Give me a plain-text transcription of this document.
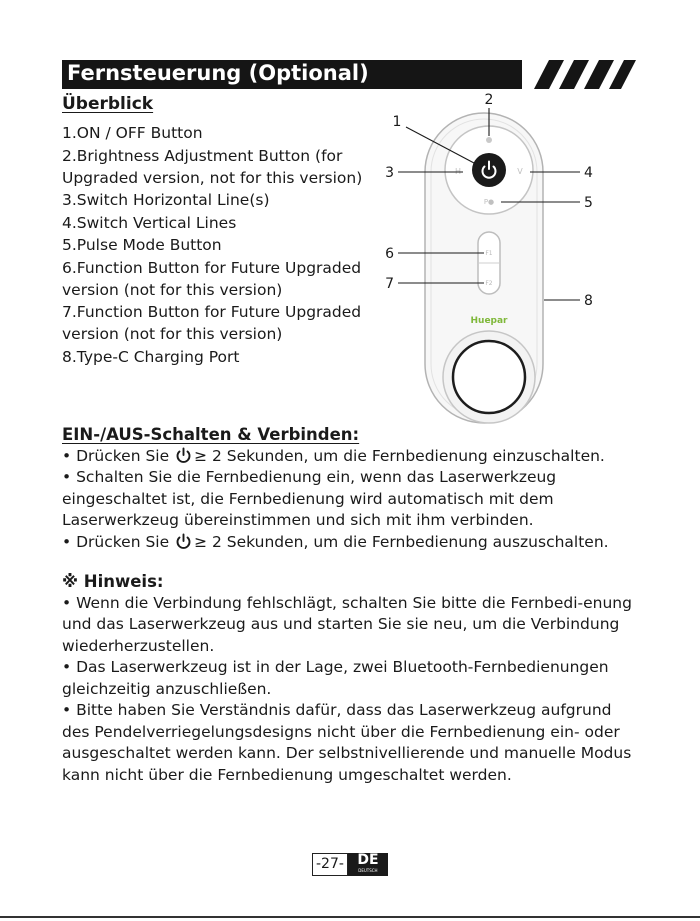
Fernsteuerung (Optional)
Überblick
1.ON / OFF Button
2.Brightness Adjustment Button (for Upgraded version, not for this version)
3.Switch Horizontal Line(s)
4.Switch Vertical Lines
5.Pulse Mode Button
6.Function Button for Future Upgraded version (not for this version)
7.Function Button for Future Upgraded version (not for this version)
8.Type-C Charging Port
H	V
P●
F1
F2
Huepar
1
2
3	4
5
6
7
8
EIN-/AUS-Schalten & Verbinden:

• Drücken Sie ≥ 2 Sekunden, um die Fernbedienung einzuschalten.

• Schalten Sie die Fernbedienung ein, wenn das Laserwerkzeug eingeschaltet ist, die Fernbedienung wird automatisch mit dem Laserwerkzeug übereinstimmen und sich mit ihm verbinden.

• Drücken Sie ≥ 2 Sekunden, um die Fernbedienung auszuschalten.

※ Hinweis:

• Wenn die Verbindung fehlschlägt, schalten Sie bitte die Fernbedi-enung und das Laserwerkzeug aus und starten Sie sie neu, um die Verbindung wiederherzustellen.

• Das Laserwerkzeug ist in der Lage, zwei Bluetooth-Fernbedienungen gleichzeitig anzuschließen.

• Bitte haben Sie Verständnis dafür, dass das Laserwerkzeug aufgrund des Pendelverriegelungsdesigns nicht über die Fernbedienung ein- oder ausgeschaltet werden kann. Der selbstnivellierende und manuelle Modus kann nicht über die Fernbedienung umgeschaltet werden.

-27- DE
DEUTSCH
